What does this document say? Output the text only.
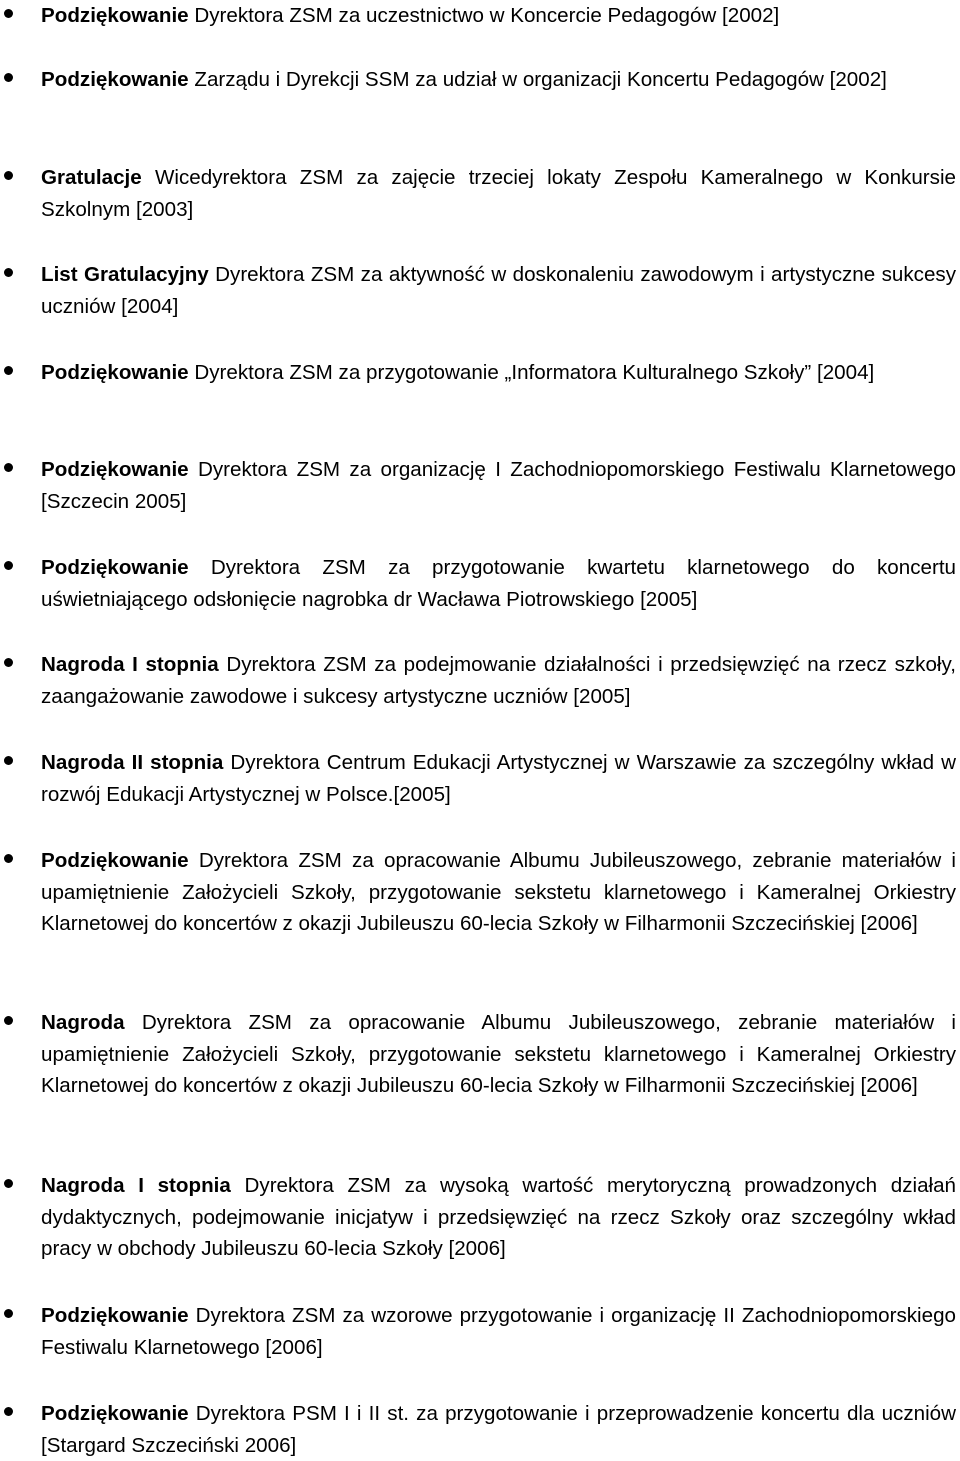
Podziękowanie Dyrektora ZSM za uczestnictwo w Koncercie Pedagogów [2002]
Podziękowanie Zarządu i Dyrekcji SSM za udział w organizacji Koncertu Pedagogów [2002]
Gratulacje Wicedyrektora ZSM za zajęcie trzeciej lokaty Zespołu Kameralnego w Konkursie Szkolnym [2003]
List Gratulacyjny Dyrektora ZSM za aktywność w doskonaleniu zawodowym i artystyczne sukcesy uczniów [2004]
Podziękowanie Dyrektora ZSM za przygotowanie „Informatora Kulturalnego Szkoły” [2004]
Podziękowanie Dyrektora ZSM za organizację I Zachodniopomorskiego Festiwalu Klarnetowego [Szczecin 2005]
Podziękowanie Dyrektora ZSM za przygotowanie kwartetu klarnetowego do koncertu uświetniającego odsłonięcie nagrobka dr Wacława Piotrowskiego [2005]
Nagroda I stopnia Dyrektora ZSM za podejmowanie działalności i przedsięwzięć na rzecz szkoły, zaangażowanie zawodowe i sukcesy artystyczne uczniów [2005]
Nagroda II stopnia Dyrektora Centrum Edukacji Artystycznej w Warszawie za szczególny wkład w rozwój Edukacji Artystycznej w Polsce.[2005]
Podziękowanie Dyrektora ZSM za opracowanie Albumu Jubileuszowego, zebranie materiałów i upamiętnienie Założycieli Szkoły, przygotowanie sekstetu klarnetowego i Kameralnej Orkiestry Klarnetowej do koncertów z okazji Jubileuszu 60-lecia Szkoły w Filharmonii Szczecińskiej [2006]
Nagroda Dyrektora ZSM za opracowanie Albumu Jubileuszowego, zebranie materiałów i upamiętnienie Założycieli Szkoły, przygotowanie sekstetu klarnetowego i Kameralnej Orkiestry Klarnetowej do koncertów z okazji Jubileuszu 60-lecia Szkoły w Filharmonii Szczecińskiej [2006]
Nagroda I stopnia Dyrektora ZSM za wysoką wartość merytoryczną prowadzonych działań dydaktycznych, podejmowanie inicjatyw i przedsięwzięć na rzecz Szkoły oraz szczególny wkład pracy w obchody Jubileuszu 60-lecia Szkoły [2006]
Podziękowanie Dyrektora ZSM za wzorowe przygotowanie i organizację II Zachodniopomorskiego Festiwalu Klarnetowego [2006]
Podziękowanie Dyrektora PSM I i II st. za przygotowanie i przeprowadzenie koncertu dla uczniów [Stargard Szczeciński 2006]
